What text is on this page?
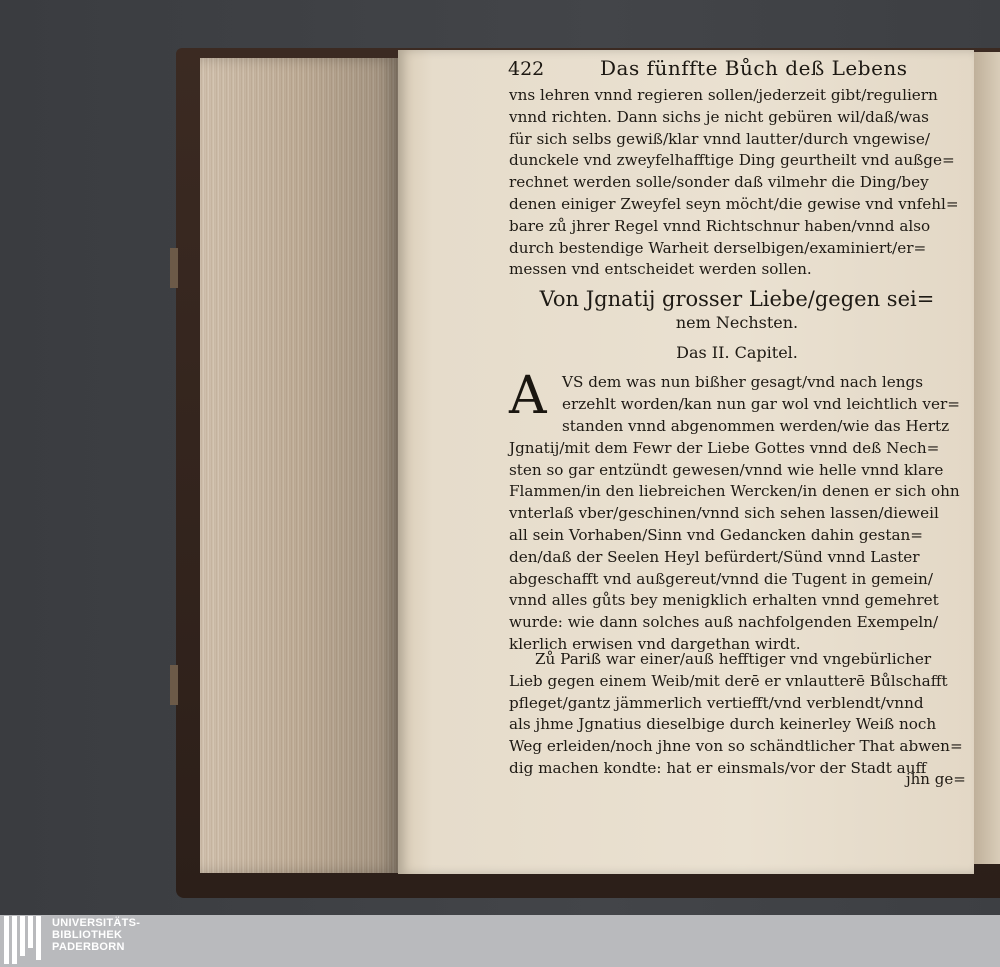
422	Das fünffte Bůch deß Lebens
vns lehren vnnd regieren sollen/jederzeit gibt/reguliern
vnnd richten. Dann sichs je nicht gebüren wil/daß/was
für sich selbs gewiß/klar vnnd lautter/durch vngewise/
dunckele vnd zweyfelhafftige Ding geurtheilt vnd außge=
rechnet werden solle/sonder daß vilmehr die Ding/bey
denen einiger Zweyfel seyn möcht/die gewise vnd vnfehl=
bare zů jhrer Regel vnnd Richtschnur haben/vnnd also
durch bestendige Warheit derselbigen/examiniert/er=
messen vnd entscheidet werden sollen.
Von Jgnatij grosser Liebe/gegen sei=
nem Nechsten.
Das II. Capitel.
A	VS dem was nun bißher gesagt/vnd nach lengs
erzehlt worden/kan nun gar wol vnd leichtlich ver=
standen vnnd abgenommen werden/wie das Hertz
Jgnatij/mit dem Fewr der Liebe Gottes vnnd deß Nech=
sten so gar entzündt gewesen/vnnd wie helle vnnd klare
Flammen/in den liebreichen Wercken/in denen er sich ohn
vnterlaß vber/geschinen/vnnd sich sehen lassen/dieweil
all sein Vorhaben/Sinn vnd Gedancken dahin gestan=
den/daß der Seelen Heyl befürdert/Sünd vnnd Laster
abgeschafft vnd außgereut/vnnd die Tugent in gemein/
vnnd alles gůts bey menigklich erhalten vnnd gemehret
wurde: wie dann solches auß nachfolgenden Exempeln/
klerlich erwisen vnd dargethan wirdt.
Zů Pariß war einer/auß hefftiger vnd vngebürlicher
Lieb gegen einem Weib/mit derē er vnlautterē Bůlschafft
pfleget/gantz jämmerlich vertiefft/vnd verblendt/vnnd
als jhme Jgnatius dieselbige durch keinerley Weiß noch
Weg erleiden/noch jhne von so schändtlicher That abwen=
dig machen kondte: hat er einsmals/vor der Stadt auff
jhn ge=
UNIVERSITÄTS-
BIBLIOTHEK
PADERBORN
